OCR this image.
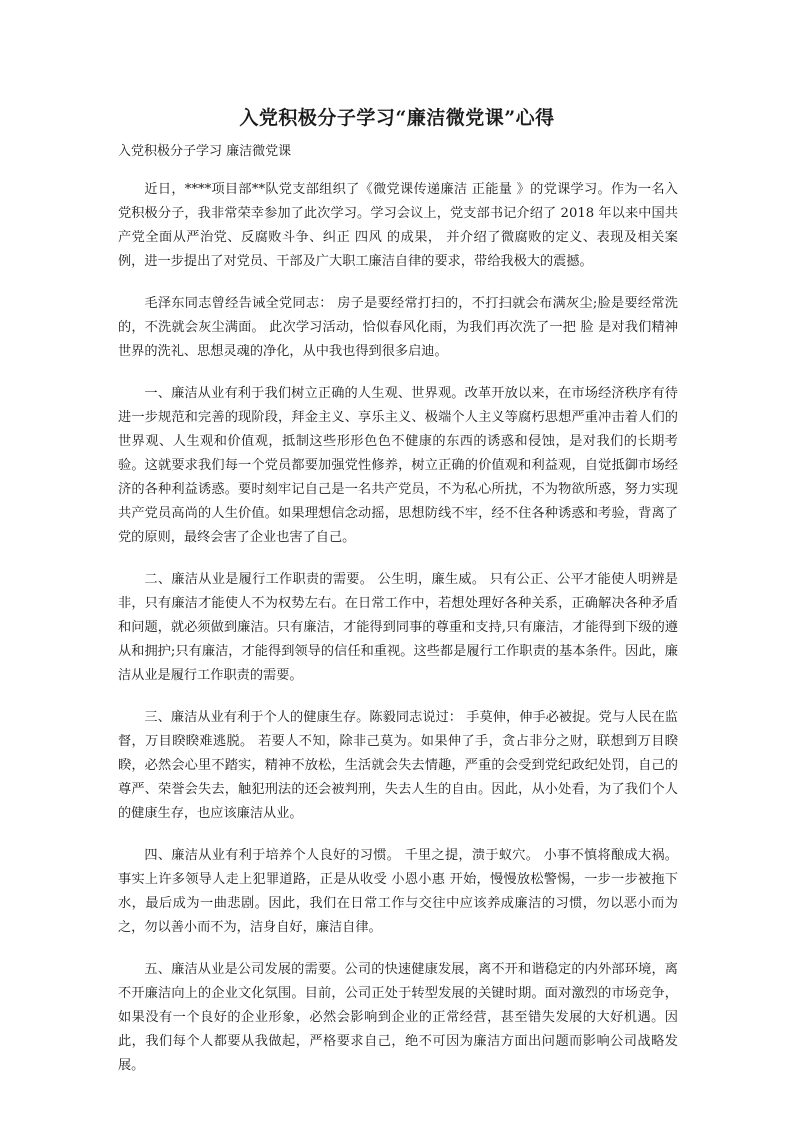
入党积极分子学习“廉洁微党课”心得
入党积极分子学习 廉洁微党课

近日，****项目部**队党支部组织了《微党课传递廉洁 正能量 》的党课学习。作为一名入党积极分子，我非常荣幸参加了此次学习。学习会议上，党支部书记介绍了 2018 年以来中国共产党全面从严治党、反腐败斗争、纠正 四风 的成果， 并介绍了微腐败的定义、表现及相关案例，进一步提出了对党员、干部及广大职工廉洁自律的要求，带给我极大的震撼。

毛泽东同志曾经告诫全党同志： 房子是要经常打扫的，不打扫就会布满灰尘;脸是要经常洗的，不洗就会灰尘满面。 此次学习活动，恰似春风化雨，为我们再次洗了一把 脸 是对我们精神世界的洗礼、思想灵魂的净化，从中我也得到很多启迪。

一、廉洁从业有利于我们树立正确的人生观、世界观。改革开放以来，在市场经济秩序有待进一步规范和完善的现阶段，拜金主义、享乐主义、极端个人主义等腐朽思想严重冲击着人们的世界观、人生观和价值观，抵制这些形形色色不健康的东西的诱惑和侵蚀，是对我们的长期考验。这就要求我们每一个党员都要加强党性修养，树立正确的价值观和利益观，自觉抵御市场经济的各种利益诱惑。要时刻牢记自己是一名共产党员，不为私心所扰，不为物欲所惑，努力实现共产党员高尚的人生价值。如果理想信念动摇，思想防线不牢，经不住各种诱惑和考验，背离了党的原则，最终会害了企业也害了自己。

二、廉洁从业是履行工作职责的需要。 公生明，廉生威。 只有公正、公平才能使人明辨是非，只有廉洁才能使人不为权势左右。在日常工作中，若想处理好各种关系，正确解决各种矛盾和问题，就必须做到廉洁。只有廉洁，才能得到同事的尊重和支持,只有廉洁，才能得到下级的遵从和拥护;只有廉洁，才能得到领导的信任和重视。这些都是履行工作职责的基本条件。因此，廉洁从业是履行工作职责的需要。

三、廉洁从业有利于个人的健康生存。陈毅同志说过： 手莫伸，伸手必被捉。党与人民在监督，万目睽睽难逃脱。 若要人不知，除非己莫为。如果伸了手，贪占非分之财，联想到万目睽睽，必然会心里不踏实，精神不放松，生活就会失去情趣，严重的会受到党纪政纪处罚，自己的尊严、荣誉会失去，触犯刑法的还会被判刑，失去人生的自由。因此，从小处看，为了我们个人的健康生存，也应该廉洁从业。

四、廉洁从业有利于培养个人良好的习惯。 千里之提，溃于蚁穴。 小事不慎将酿成大祸。事实上许多领导人走上犯罪道路，正是从收受 小恩小惠 开始，慢慢放松警惕，一步一步被拖下水，最后成为一曲悲剧。因此，我们在日常工作与交往中应该养成廉洁的习惯，勿以恶小而为之，勿以善小而不为，洁身自好，廉洁自律。

五、廉洁从业是公司发展的需要。公司的快速健康发展，离不开和谐稳定的内外部环境，离不开廉洁向上的企业文化氛围。目前，公司正处于转型发展的关键时期。面对激烈的市场竞争，如果没有一个良好的企业形象，必然会影响到企业的正常经营，甚至错失发展的大好机遇。因此，我们每个人都要从我做起，严格要求自己，绝不可因为廉洁方面出问题而影响公司战略发展。
